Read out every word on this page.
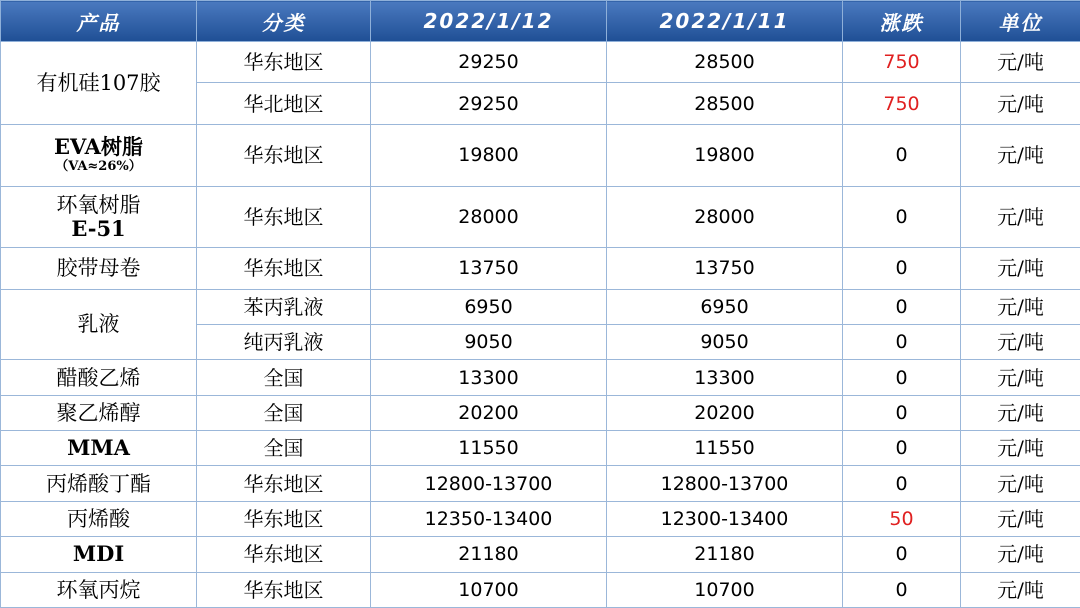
产品	分类	2022/1/12	2022/1/11	涨跌	单位
有机硅107胶	华东地区	29250	28500	750	元/吨
	华北地区	29250	28500	750	元/吨
EVA树脂
（VA≈26%）	华东地区	19800	19800	0	元/吨

环氧树脂
E-51	华东地区	28000	28000	0	元/吨
胶带母卷	华东地区	13750	13750	0	元/吨
乳液	苯丙乳液	6950	6950	0	元/吨
	纯丙乳液	9050	9050	0	元/吨
醋酸乙烯	全国	13300	13300	0	元/吨
聚乙烯醇	全国	20200	20200	0	元/吨
MMA	全国	11550	11550	0	元/吨
丙烯酸丁酯	华东地区	12800-13700	12800-13700	0	元/吨
丙烯酸	华东地区	12350-13400	12300-13400	50	元/吨
MDI	华东地区	21180	21180	0	元/吨
环氧丙烷	华东地区	10700	10700	0	元/吨
